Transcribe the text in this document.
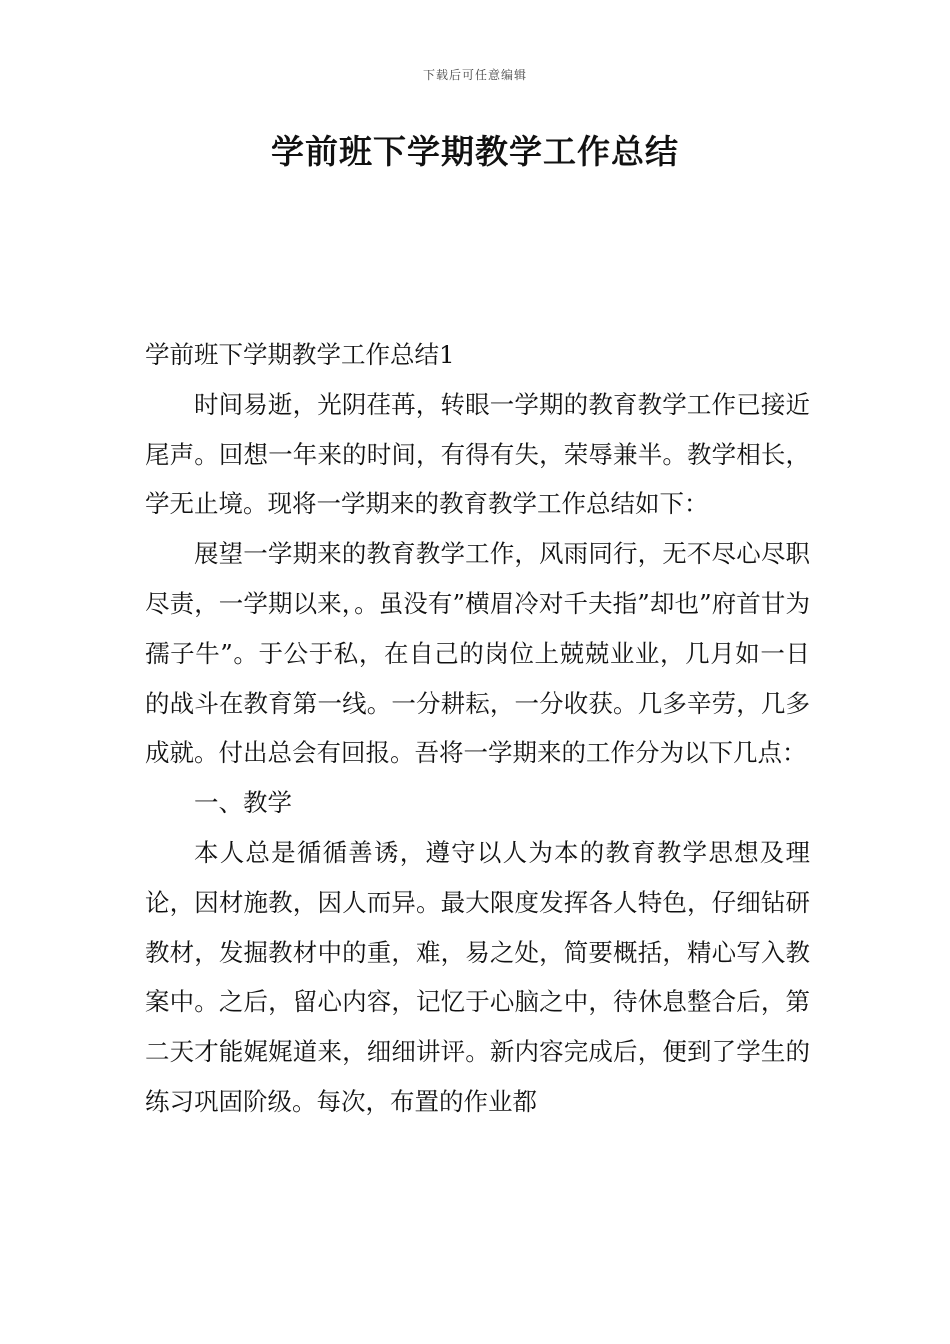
下载后可任意编辑
学前班下学期教学工作总结

学前班下学期教学工作总结1

时间易逝，光阴荏苒，转眼一学期的教育教学工作已接近尾声。回想一年来的时间，有得有失，荣辱兼半。教学相长，学无止境。现将一学期来的教育教学工作总结如下：

展望一学期来的教育教学工作，风雨同行，无不尽心尽职尽责，一学期以来，。虽没有”横眉冷对千夫指”却也”府首甘为孺子牛”。于公于私，在自己的岗位上兢兢业业，几月如一日的战斗在教育第一线。一分耕耘，一分收获。几多辛劳，几多成就。付出总会有回报。吾将一学期来的工作分为以下几点：

一、教学

本人总是循循善诱，遵守以人为本的教育教学思想及理论，因材施教，因人而异。最大限度发挥各人特色，仔细钻研教材，发掘教材中的重，难，易之处，简要概括，精心写入教案中。之后，留心内容，记忆于心脑之中，待休息整合后，第二天才能娓娓道来，细细讲评。新内容完成后，便到了学生的练习巩固阶级。每次，布置的作业都
